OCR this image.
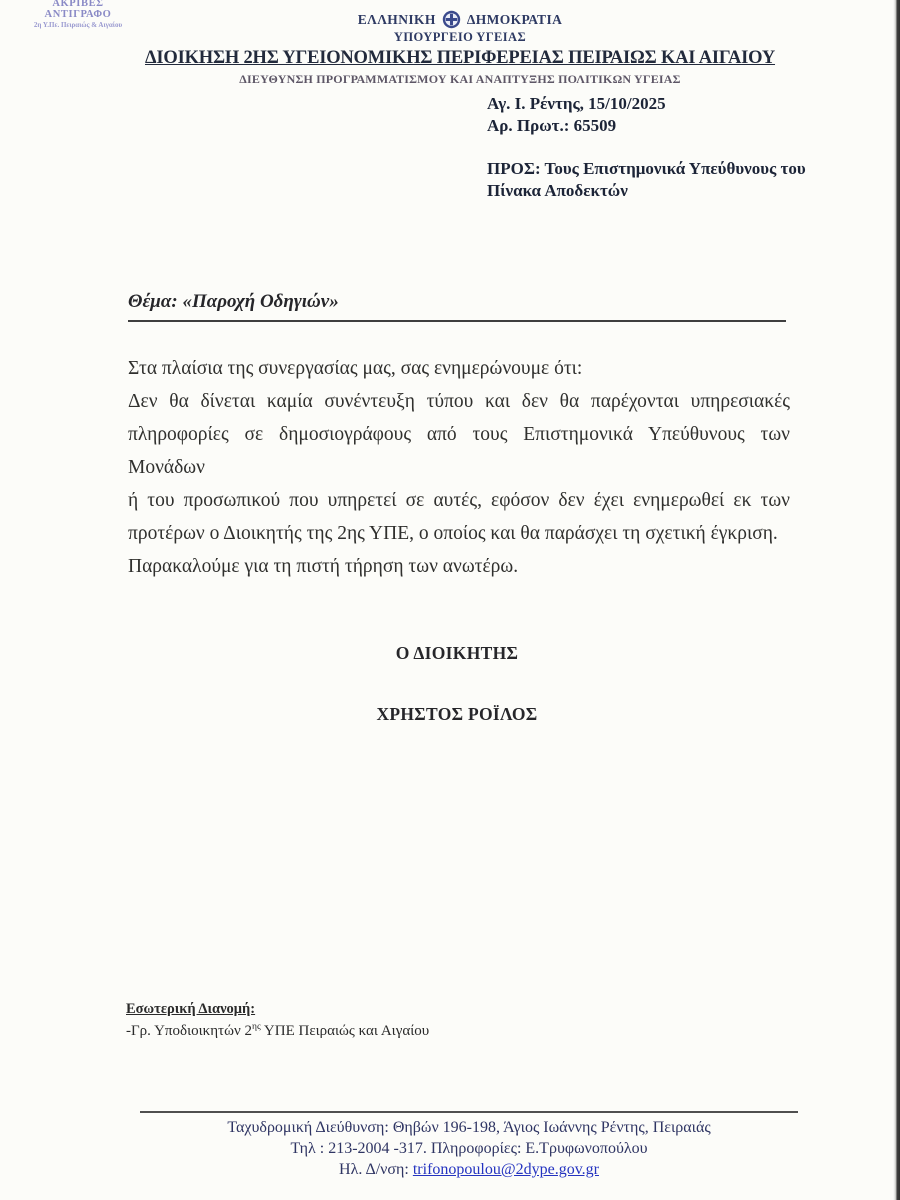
ΑΚΡΙΒΕΣ ΑΝΤΙΓΡΑΦΟ
2η Υ.Πε. Πειραιώς & Αιγαίου	ΕΛΛΗΝΙΚΗ ΔΗΜΟΚΡΑΤΙΑ
ΥΠΟΥΡΓΕΙΟ ΥΓΕΙΑΣ
ΔΙΟΙΚΗΣΗ 2ΗΣ ΥΓΕΙΟΝΟΜΙΚΗΣ ΠΕΡΙΦΕΡΕΙΑΣ ΠΕΙΡΑΙΩΣ ΚΑΙ ΑΙΓΑΙΟΥ
ΔΙΕΥΘΥΝΣΗ ΠΡΟΓΡΑΜΜΑΤΙΣΜΟΥ ΚΑΙ ΑΝΑΠΤΥΞΗΣ ΠΟΛΙΤΙΚΩΝ ΥΓΕΙΑΣ
Αγ. Ι. Ρέντης, 15/10/2025
Αρ. Πρωτ.: 65509
ΠΡΟΣ: Τους Επιστημονικά Υπεύθυνους του
Πίνακα Αποδεκτών
Θέμα: «Παροχή Οδηγιών»
Στα πλαίσια της συνεργασίας μας, σας ενημερώνουμε ότι:
Δεν θα δίνεται καμία συνέντευξη τύπου και δεν θα παρέχονται υπηρεσιακές
πληροφορίες σε δημοσιογράφους από τους Επιστημονικά Υπεύθυνους των Μονάδων
ή του προσωπικού που υπηρετεί σε αυτές, εφόσον δεν έχει ενημερωθεί εκ των
προτέρων ο Διοικητής της 2ης ΥΠΕ, ο οποίος και θα παράσχει τη σχετική έγκριση.
Παρακαλούμε για τη πιστή τήρηση των ανωτέρω.
Ο ΔΙΟΙΚΗΤΗΣ
ΧΡΗΣΤΟΣ ΡΟΪΛΟΣ
Εσωτερική Διανομή:
-Γρ. Υποδιοικητών $2^{\eta\varsigma}$ ΥΠΕ Πειραιώς και Αιγαίου
Ταχυδρομική Διεύθυνση: Θηβών 196-198, Άγιος Ιωάννης Ρέντης, Πειραιάς
Τηλ : 213-2004 -317. Πληροφορίες: Ε.Τρυφωνοπούλου
Ηλ. Δ/νση: trifonopoulou@2dype.gov.gr
